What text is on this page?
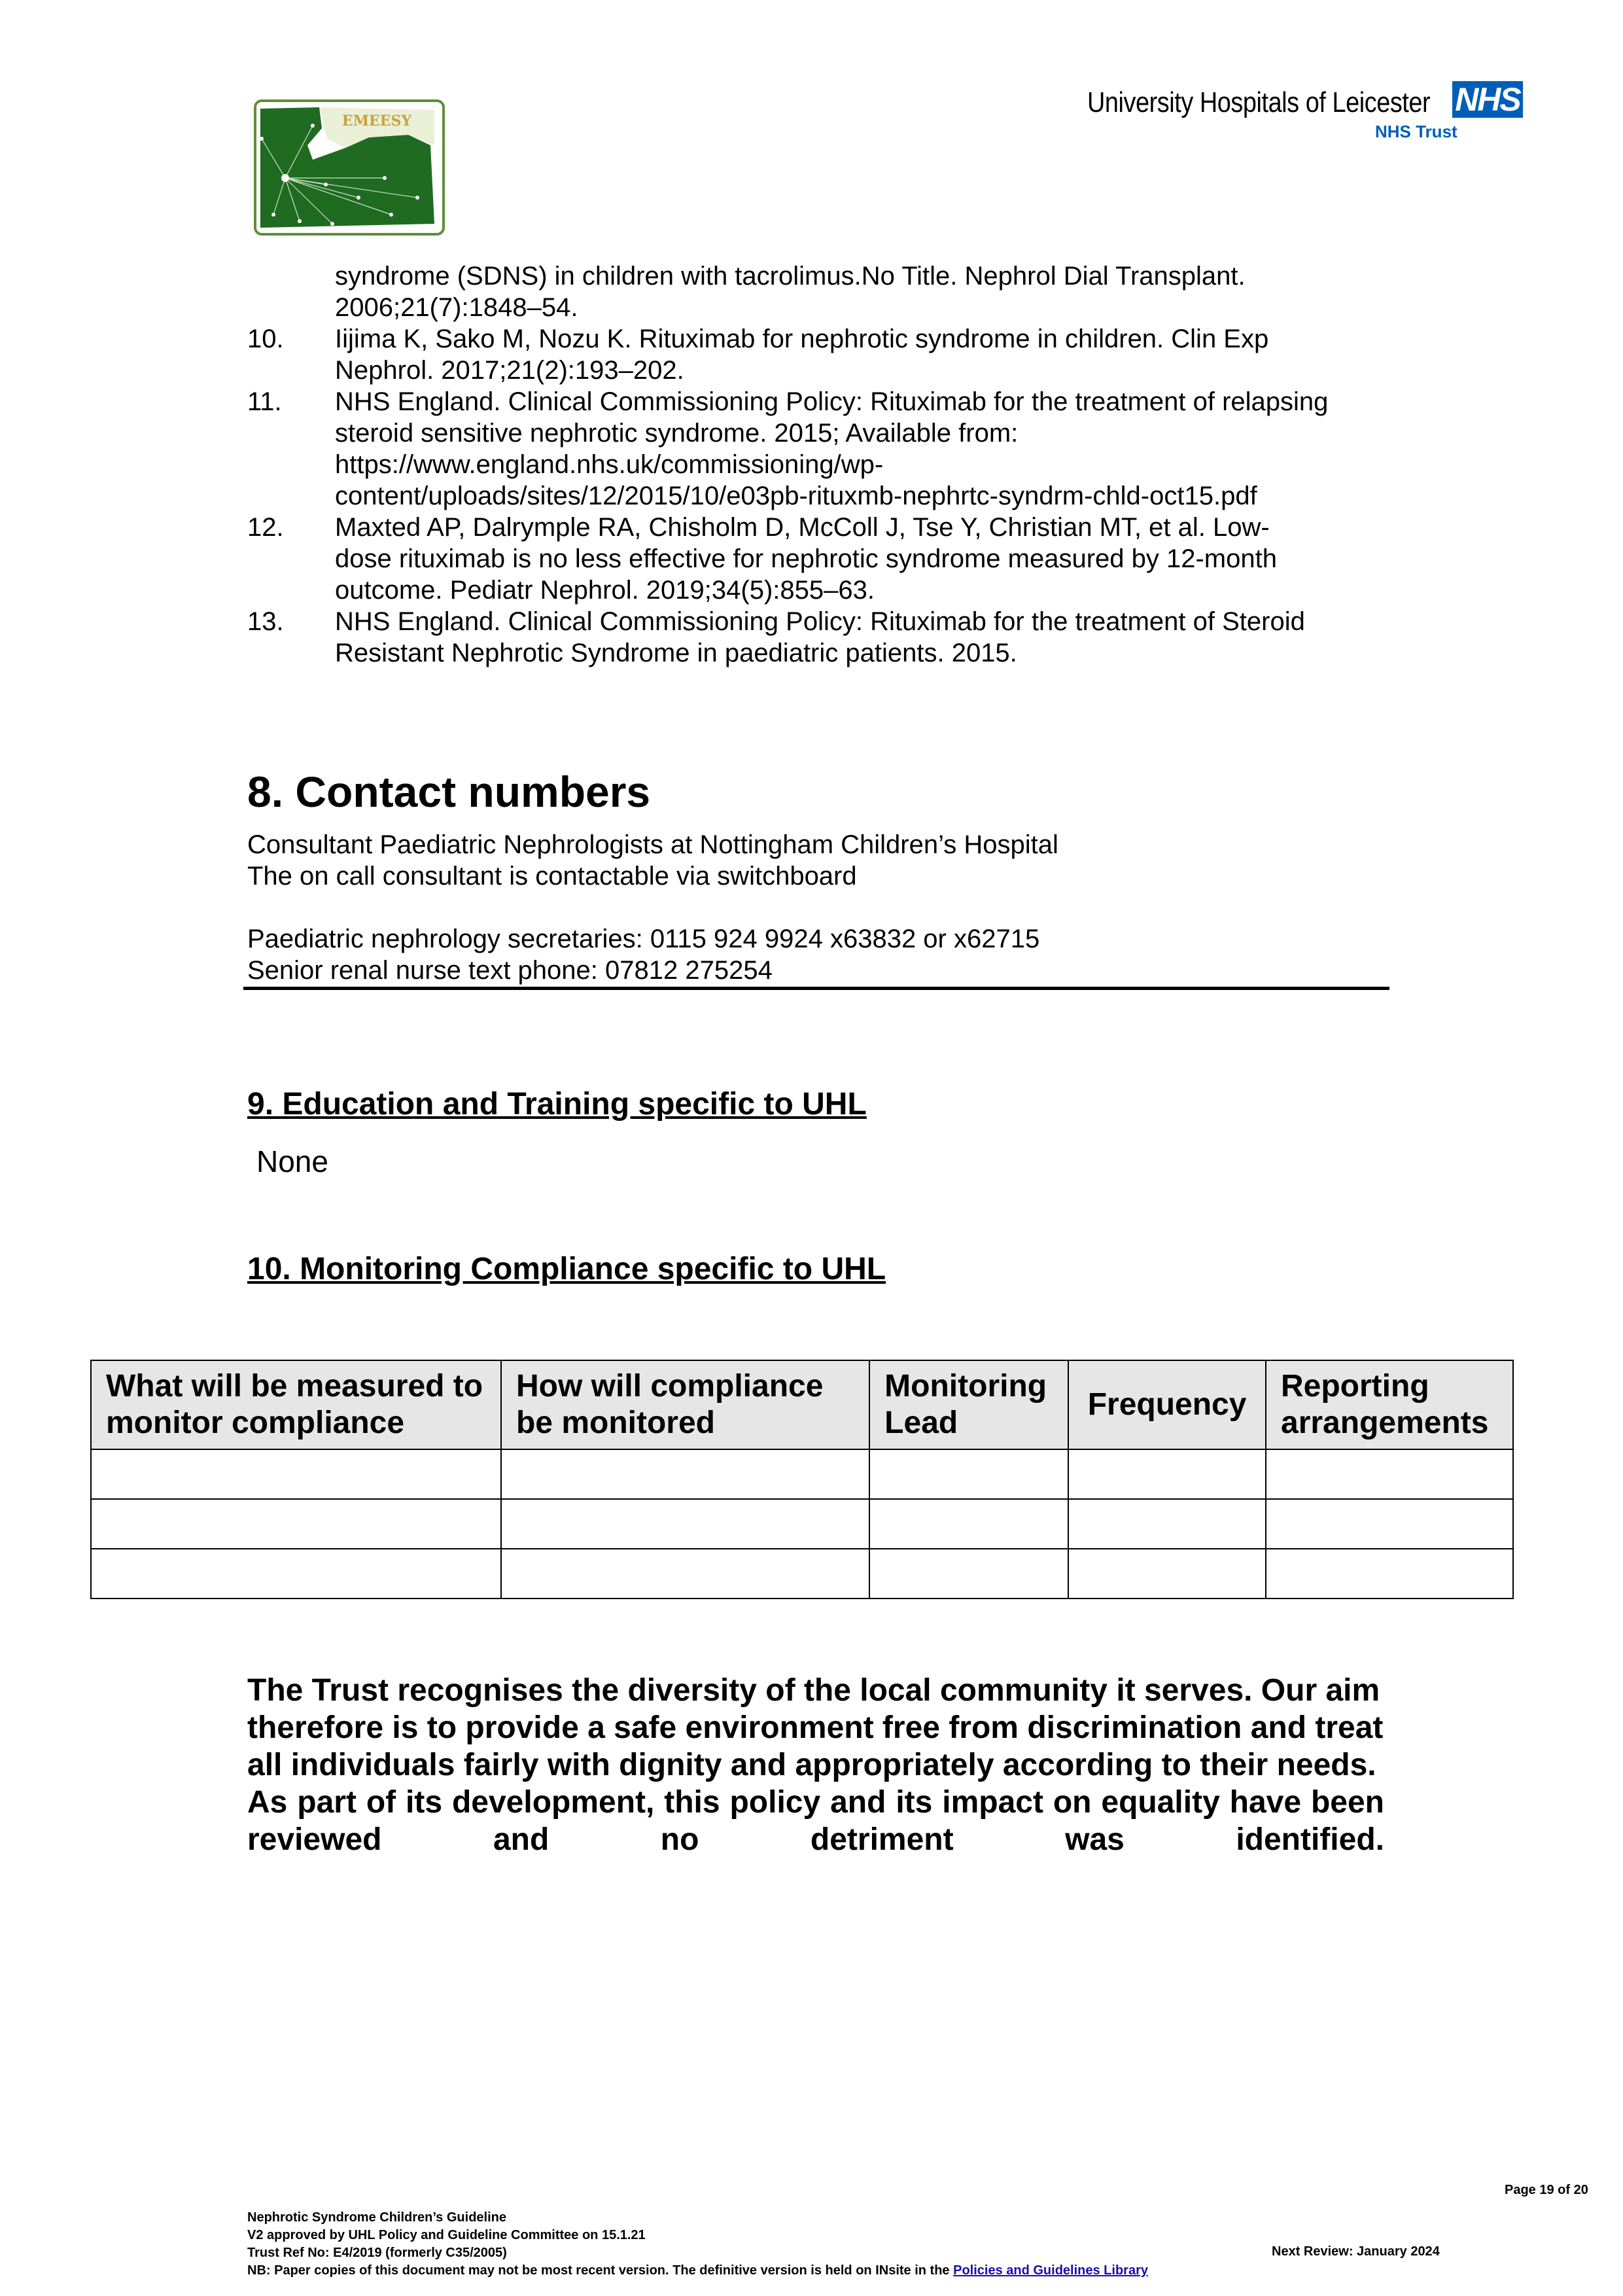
EMEESY
University Hospitals of Leicester NHS
NHS Trust
syndrome (SDNS) in children with tacrolimus.No Title. Nephrol Dial Transplant.
2006;21(7):1848–54.
10. Iijima K, Sako M, Nozu K. Rituximab for nephrotic syndrome in children. Clin Exp
Nephrol. 2017;21(2):193–202.
11. NHS England. Clinical Commissioning Policy: Rituximab for the treatment of relapsing
steroid sensitive nephrotic syndrome. 2015; Available from:
https://www.england.nhs.uk/commissioning/wp-
content/uploads/sites/12/2015/10/e03pb-rituxmb-nephrtc-syndrm-chld-oct15.pdf
12. Maxted AP, Dalrymple RA, Chisholm D, McColl J, Tse Y, Christian MT, et al. Low-
dose rituximab is no less effective for nephrotic syndrome measured by 12-month
outcome. Pediatr Nephrol. 2019;34(5):855–63.
13. NHS England. Clinical Commissioning Policy: Rituximab for the treatment of Steroid
Resistant Nephrotic Syndrome in paediatric patients. 2015.
8. Contact numbers
Consultant Paediatric Nephrologists at Nottingham Children’s Hospital
The on call consultant is contactable via switchboard
Paediatric nephrology secretaries: 0115 924 9924 x63832 or x62715
Senior renal nurse text phone: 07812 275254
9. Education and Training specific to UHL
None
10. Monitoring Compliance specific to UHL
What will be measured to monitor compliance	How will compliance be monitored	Monitoring Lead	Frequency	Reporting arrangements

The Trust recognises the diversity of the local community it serves. Our aim therefore is to provide a safe environment free from discrimination and treat all individuals fairly with dignity and appropriately according to their needs.

As part of its development, this policy and its impact on equality have been reviewed and no detriment was identified.

Page 19 of 20
Nephrotic Syndrome Children’s Guideline
V2 approved by UHL Policy and Guideline Committee on 15.1.21
Trust Ref No: E4/2019 (formerly C35/2005)
NB: Paper copies of this document may not be most recent version. The definitive version is held on INsite in the Policies and Guidelines Library
Next Review: January 2024
